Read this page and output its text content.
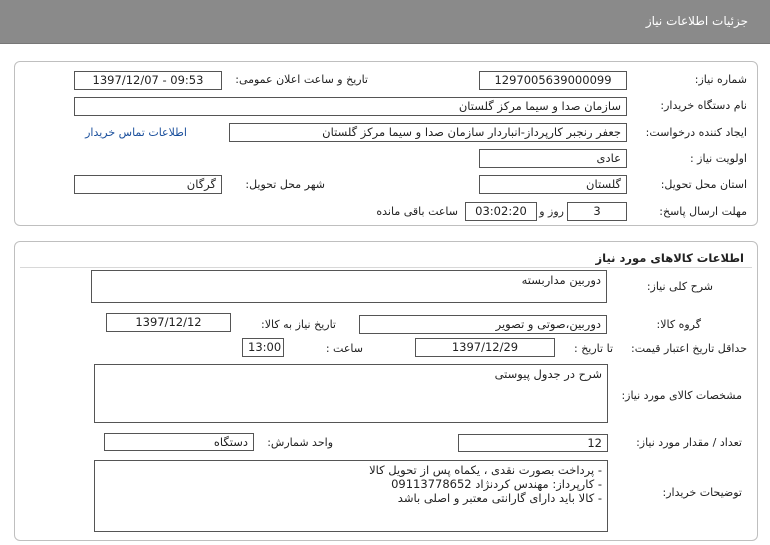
جزئیات اطلاعات نیاز
شماره نیاز:
1297005639000099
تاریخ و ساعت اعلان عمومی:
1397/12/07 - 09:53
نام دستگاه خریدار:
سازمان صدا و سیما مرکز گلستان
ایجاد کننده درخواست:
جعفر رنجبر کارپرداز-انباردار سازمان صدا و سیما مرکز گلستان
اطلاعات تماس خریدار
اولویت نیاز :
عادی
استان محل تحویل:
گلستان
شهر محل تحویل:
گرگان
مهلت ارسال پاسخ:
3
روز و
03:02:20
ساعت باقی مانده
اطلاعات کالاهای مورد نیاز
شرح کلی نیاز:
دوربین مداربسته
گروه کالا:
دوربین،صوتی و تصویر
تاریخ نیاز به کالا:
1397/12/12
حداقل تاریخ اعتبار قیمت:
تا تاریخ :
1397/12/29
ساعت :
13:00
مشخصات کالای مورد نیاز:
شرح در جدول پیوستی
تعداد / مقدار مورد نیاز:
12
واحد شمارش:
دستگاه
توضیحات خریدار:
- پرداخت بصورت نقدی ، یکماه پس از تحویل کالا
- کارپرداز: مهندس کردنژاد 09113778652
- کالا باید دارای گارانتی معتبر و اصلی باشد
